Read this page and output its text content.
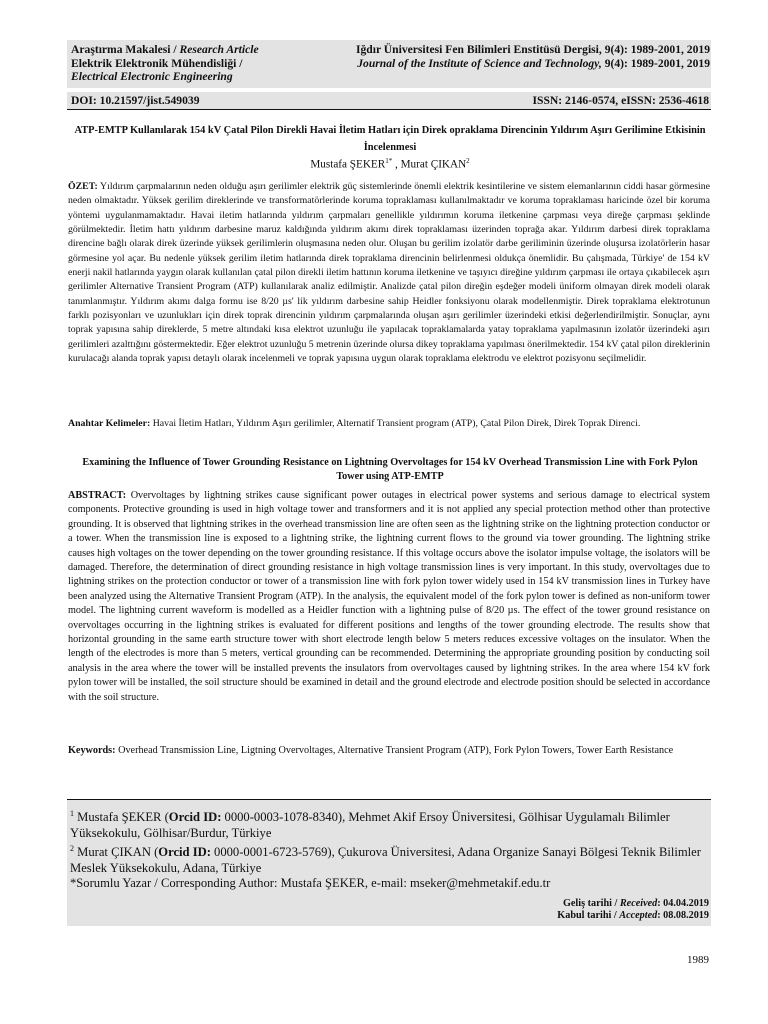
Araştırma Makalesi / Research Article
Elektrik Elektronik Mühendisliği /
Electrical Electronic Engineering
Iğdır Üniversitesi Fen Bilimleri Enstitüsü Dergisi, 9(4): 1989-2001, 2019
Journal of the Institute of Science and Technology, 9(4): 1989-2001, 2019
DOI: 10.21597/jist.549039	ISSN: 2146-0574, eISSN: 2536-4618
ATP-EMTP Kullanılarak 154 kV Çatal Pilon Direkli Havai İletim Hatları için Direk opraklama Direncinin Yıldırım Aşırı Gerilimine Etkisinin İncelenmesi
Mustafa $ŞEKER^{1*}$ , Murat ÇIKAN$^2$
ÖZET: Yıldırım çarpmalarının neden olduğu aşırı gerilimler elektrik güç sistemlerinde önemli elektrik kesintilerine ve sistem elemanlarının ciddi hasar görmesine neden olmaktadır. Yüksek gerilim direklerinde ve transformatörlerinde koruma topraklaması kullanılmaktadır ve koruma topraklaması haricinde özel bir koruma yöntemi uygulanmamaktadır. Havai iletim hatlarında yıldırım çarpmaları genellikle yıldırımın koruma iletkenine çarpması veya direğe çarpması şeklinde görülmektedir. İletim hattı yıldırım darbesine maruz kaldığında yıldırım akımı direk topraklaması üzerinden toprağa akar. Yıldırım darbesi direk topraklama direncine bağlı olarak direk üzerinde yüksek gerilimlerin oluşmasına neden olur. Oluşan bu gerilim izolatör darbe geriliminin üzerinde oluşursa izolatörlerin hasar görmesine yol açar. Bu nedenle yüksek gerilim iletim hatlarında direk topraklama direncinin belirlenmesi oldukça önemlidir. Bu çalışmada, Türkiye' de 154 kV enerji nakil hatlarında yaygın olarak kullanılan çatal pilon direkli iletim hattının koruma iletkenine ve taşıyıcı direğine yıldırım çarpması ile ortaya çıkabilecek aşırı gerilimler Alternative Transient Program (ATP) kullanılarak analiz edilmiştir. Analizde çatal pilon direğin eşdeğer modeli üniform olmayan direk modeli olarak tanımlanmıştır. Yıldırım akımı dalga formu ise 8/20 µs' lik yıldırım darbesine sahip Heidler fonksiyonu olarak modellenmiştir. Direk topraklama elektrotunun farklı pozisyonları ve uzunlukları için direk toprak direncinin yıldırım çarpmalarında oluşan aşırı gerilimler üzerindeki etkisi değerlendirilmiştir. Sonuçlar, aynı toprak yapısına sahip direklerde, 5 metre altındaki kısa elektrot uzunluğu ile yapılacak topraklamalarda yatay topraklama yapılmasının izolatör üzerindeki aşırı gerilimleri azalttığını göstermektedir. Eğer elektrot uzunluğu 5 metrenin üzerinde olursa dikey topraklama yapılması önerilmektedir. 154 kV çatal pilon direklerinin kurulacağı alanda toprak yapısı detaylı olarak incelenmeli ve toprak yapısına uygun olarak topraklama elektrodu ve elektrot pozisyonu seçilmelidir.
Anahtar Kelimeler: Havai İletim Hatları, Yıldırım Aşırı gerilimler, Alternatif Transient program (ATP), Çatal Pilon Direk, Direk Toprak Direnci.
Examining the Influence of Tower Grounding Resistance on Lightning Overvoltages for 154 kV Overhead Transmission Line with Fork Pylon Tower using ATP-EMTP
ABSTRACT: Overvoltages by lightning strikes cause significant power outages in electrical power systems and serious damage to electrical system components. Protective grounding is used in high voltage tower and transformers and it is not applied any special protection method other than protective grounding. It is observed that lightning strikes in the overhead transmission line are often seen as the lightning strike on the lightning protection conductor or a tower. When the transmission line is exposed to a lightning strike, the lightning current flows to the ground via tower grounding. The lightning strike causes high voltages on the tower depending on the tower grounding resistance. If this voltage occurs above the isolator impulse voltage, the isolators will be damaged. Therefore, the determination of direct grounding resistance in high voltage transmission lines is very important. In this study, overvoltages due to lightning strikes on the protection conductor or tower of a transmission line with fork pylon tower widely used in 154 kV transmission lines in Turkey have been analyzed using the Alternative Transient Program (ATP). In the analysis, the equivalent model of the fork pylon tower is defined as non-uniform tower model. The lightning current waveform is modelled as a Heidler function with a lightning pulse of 8/20 µs. The effect of the tower ground resistance on overvoltages occurring in the lightning strikes is evaluated for different positions and lengths of the tower grounding electrode. The results show that horizontal grounding in the same earth structure tower with short electrode length below 5 meters reduces excessive voltages on the insulator. When the length of the electrodes is more than 5 meters, vertical grounding can be recommended. Determining the appropriate grounding position by conducting soil analysis in the area where the tower will be installed prevents the insulators from overvoltages caused by lightning strikes. In the area where 154 kV fork pylon tower will be installed, the soil structure should be examined in detail and the ground electrode and electrode position should be selected in accordance with the soil structure.
Keywords: Overhead Transmission Line, Ligtning Overvoltages, Alternative Transient Program (ATP), Fork Pylon Towers, Tower Earth Resistance
$^1$ Mustafa ŞEKER (Orcid ID: 0000-0003-1078-8340), Mehmet Akif Ersoy Üniversitesi, Gölhisar Uygulamalı Bilimler Yüksekokulu, Gölhisar/Burdur, Türkiye
$^2$ Murat ÇIKAN (Orcid ID: 0000-0001-6723-5769), Çukurova Üniversitesi, Adana Organize Sanayi Bölgesi Teknik Bilimler Meslek Yüksekokulu, Adana, Türkiye
*Sorumlu Yazar / Corresponding Author: Mustafa ŞEKER, e-mail: mseker@mehmetakif.edu.tr
Geliş tarihi / Received: 04.04.2019
Kabul tarihi / Accepted: 08.08.2019
1989
